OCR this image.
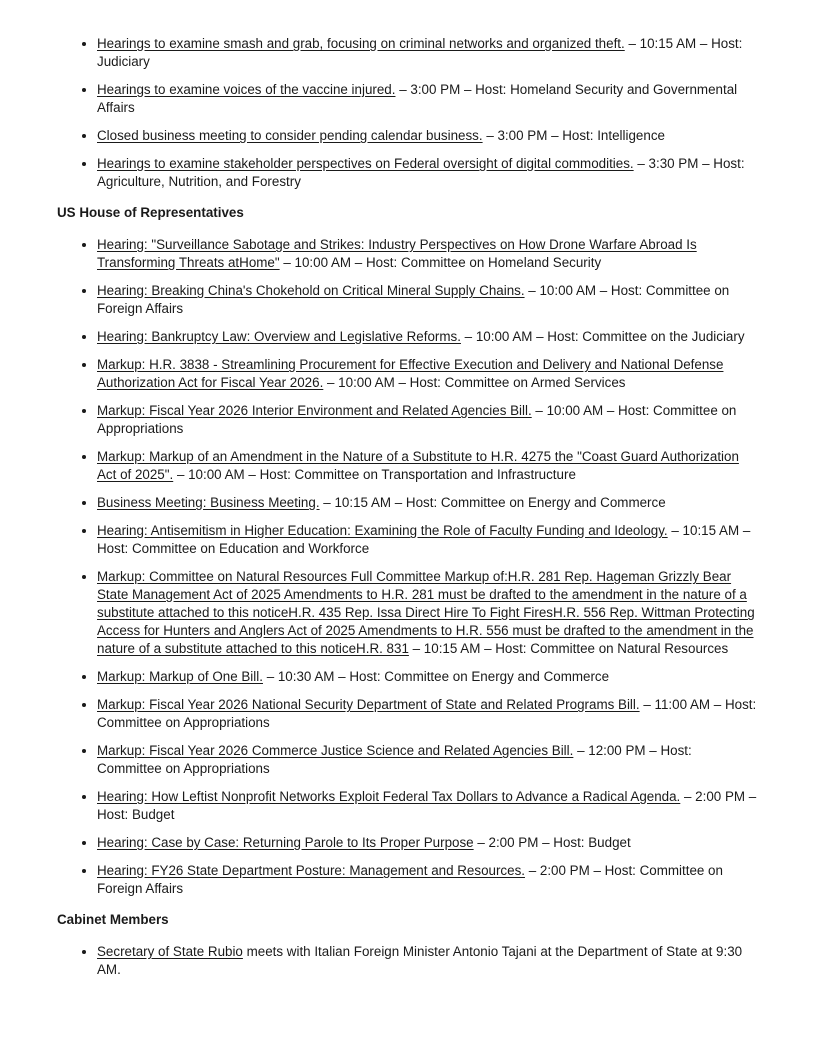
• Hearings to examine smash and grab, focusing on criminal networks and organized theft. – 10:15 AM – Host: Judiciary
• Hearings to examine voices of the vaccine injured. – 3:00 PM – Host: Homeland Security and Governmental Affairs
• Closed business meeting to consider pending calendar business. – 3:00 PM – Host: Intelligence
• Hearings to examine stakeholder perspectives on Federal oversight of digital commodities. – 3:30 PM – Host: Agriculture, Nutrition, and Forestry
US House of Representatives
• Hearing: "Surveillance Sabotage and Strikes: Industry Perspectives on How Drone Warfare Abroad Is Transforming Threats atHome" – 10:00 AM – Host: Committee on Homeland Security
• Hearing: Breaking China's Chokehold on Critical Mineral Supply Chains. – 10:00 AM – Host: Committee on Foreign Affairs
• Hearing: Bankruptcy Law: Overview and Legislative Reforms. – 10:00 AM – Host: Committee on the Judiciary
• Markup: H.R. 3838 - Streamlining Procurement for Effective Execution and Delivery and National Defense Authorization Act for Fiscal Year 2026. – 10:00 AM – Host: Committee on Armed Services
• Markup: Fiscal Year 2026 Interior Environment and Related Agencies Bill. – 10:00 AM – Host: Committee on Appropriations
• Markup: Markup of an Amendment in the Nature of a Substitute to H.R. 4275 the "Coast Guard Authorization Act of 2025". – 10:00 AM – Host: Committee on Transportation and Infrastructure
• Business Meeting: Business Meeting. – 10:15 AM – Host: Committee on Energy and Commerce
• Hearing: Antisemitism in Higher Education: Examining the Role of Faculty Funding and Ideology. – 10:15 AM – Host: Committee on Education and Workforce
• Markup: Committee on Natural Resources Full Committee Markup of:H.R. 281 Rep. Hageman Grizzly Bear State Management Act of 2025 Amendments to H.R. 281 must be drafted to the amendment in the nature of a substitute attached to this noticeH.R. 435 Rep. Issa Direct Hire To Fight FiresH.R. 556 Rep. Wittman Protecting Access for Hunters and Anglers Act of 2025 Amendments to H.R. 556 must be drafted to the amendment in the nature of a substitute attached to this noticeH.R. 831 – 10:15 AM – Host: Committee on Natural Resources
• Markup: Markup of One Bill. – 10:30 AM – Host: Committee on Energy and Commerce
• Markup: Fiscal Year 2026 National Security Department of State and Related Programs Bill. – 11:00 AM – Host: Committee on Appropriations
• Markup: Fiscal Year 2026 Commerce Justice Science and Related Agencies Bill. – 12:00 PM – Host: Committee on Appropriations
• Hearing: How Leftist Nonprofit Networks Exploit Federal Tax Dollars to Advance a Radical Agenda. – 2:00 PM – Host: Budget
• Hearing: Case by Case: Returning Parole to Its Proper Purpose – 2:00 PM – Host: Budget
• Hearing: FY26 State Department Posture: Management and Resources. – 2:00 PM – Host: Committee on Foreign Affairs
Cabinet Members
• Secretary of State Rubio meets with Italian Foreign Minister Antonio Tajani at the Department of State at 9:30 AM.
